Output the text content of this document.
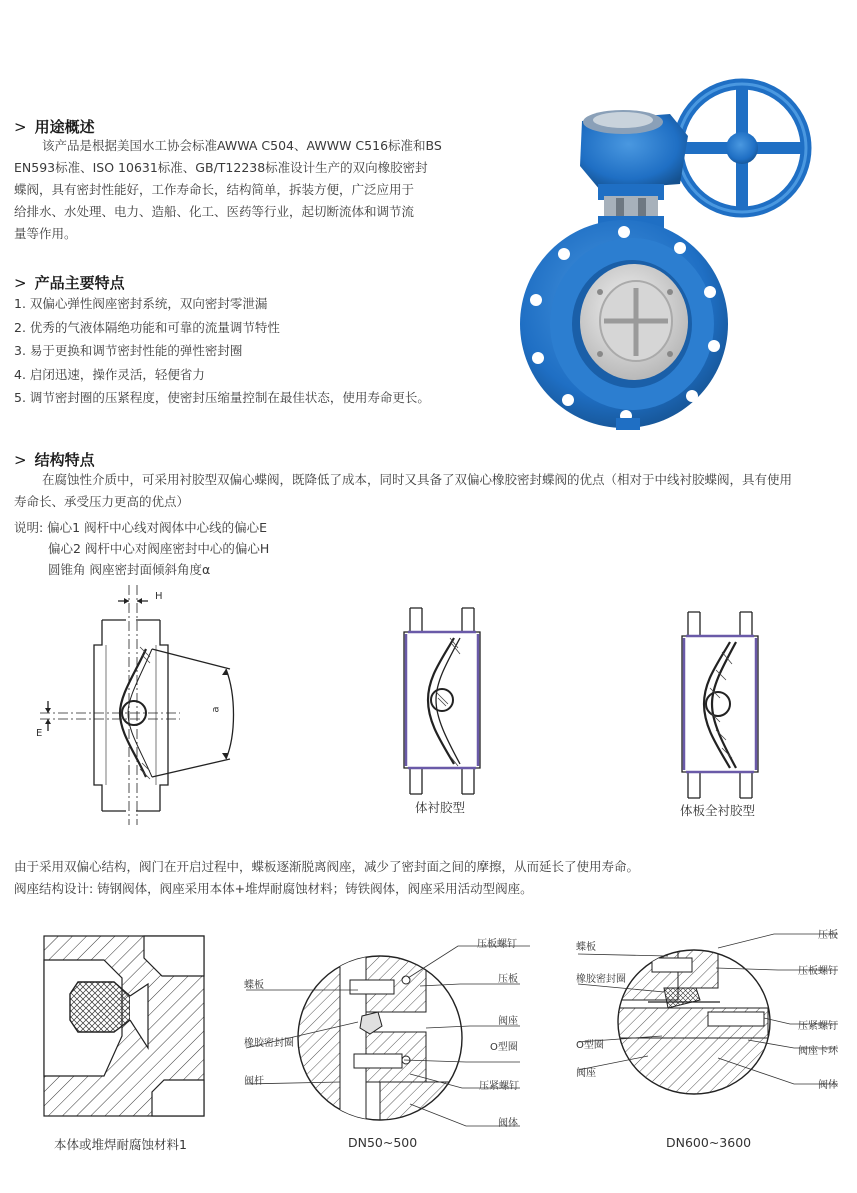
> 用途概述
该产品是根据美国水工协会标准AWWA C504、AWWW C516标准和BS
EN593标准、ISO 10631标准、GB/T12238标准设计生产的双向橡胶密封
蝶阀，具有密封性能好，工作寿命长，结构简单，拆装方便，广泛应用于
给排水、水处理、电力、造船、化工、医药等行业，起切断流体和调节流
量等作用。
> 产品主要特点
1. 双偏心弹性阀座密封系统，双向密封零泄漏
2. 优秀的气液体隔绝功能和可靠的流量调节特性
3. 易于更换和调节密封性能的弹性密封圈
4. 启闭迅速，操作灵活，轻便省力
5. 调节密封圈的压紧程度，使密封压缩量控制在最佳状态，使用寿命更长。
> 结构特点
在腐蚀性介质中，可采用衬胶型双偏心蝶阀，既降低了成本，同时又具备了双偏心橡胶密封蝶阀的优点（相对于中线衬胶蝶阀，具有使用
寿命长、承受压力更高的优点）
说明: 偏心1 阀杆中心线对阀体中心线的偏心E
偏心2 阀杆中心对阀座密封中心的偏心H
圆锥角 阀座密封面倾斜角度α
H
E
a
体衬胶型	体板全衬胶型
由于采用双偏心结构，阀门在开启过程中，蝶板逐渐脱离阀座，减少了密封面之间的摩擦，从而延长了使用寿命。
阀座结构设计: 铸钢阀体，阀座采用本体+堆焊耐腐蚀材料；铸铁阀体，阀座采用活动型阀座。
本体或堆焊耐腐蚀材料1
压板螺钉
蝶板
压板
阀座
橡胶密封圈	O型圈
阀杆	压紧螺钉
阀体
DN50~500
压板
蝶板
压板螺钉
橡胶密封圈
压紧螺钉
O型圈
阀座卡环
阀座
阀体
DN600~3600
